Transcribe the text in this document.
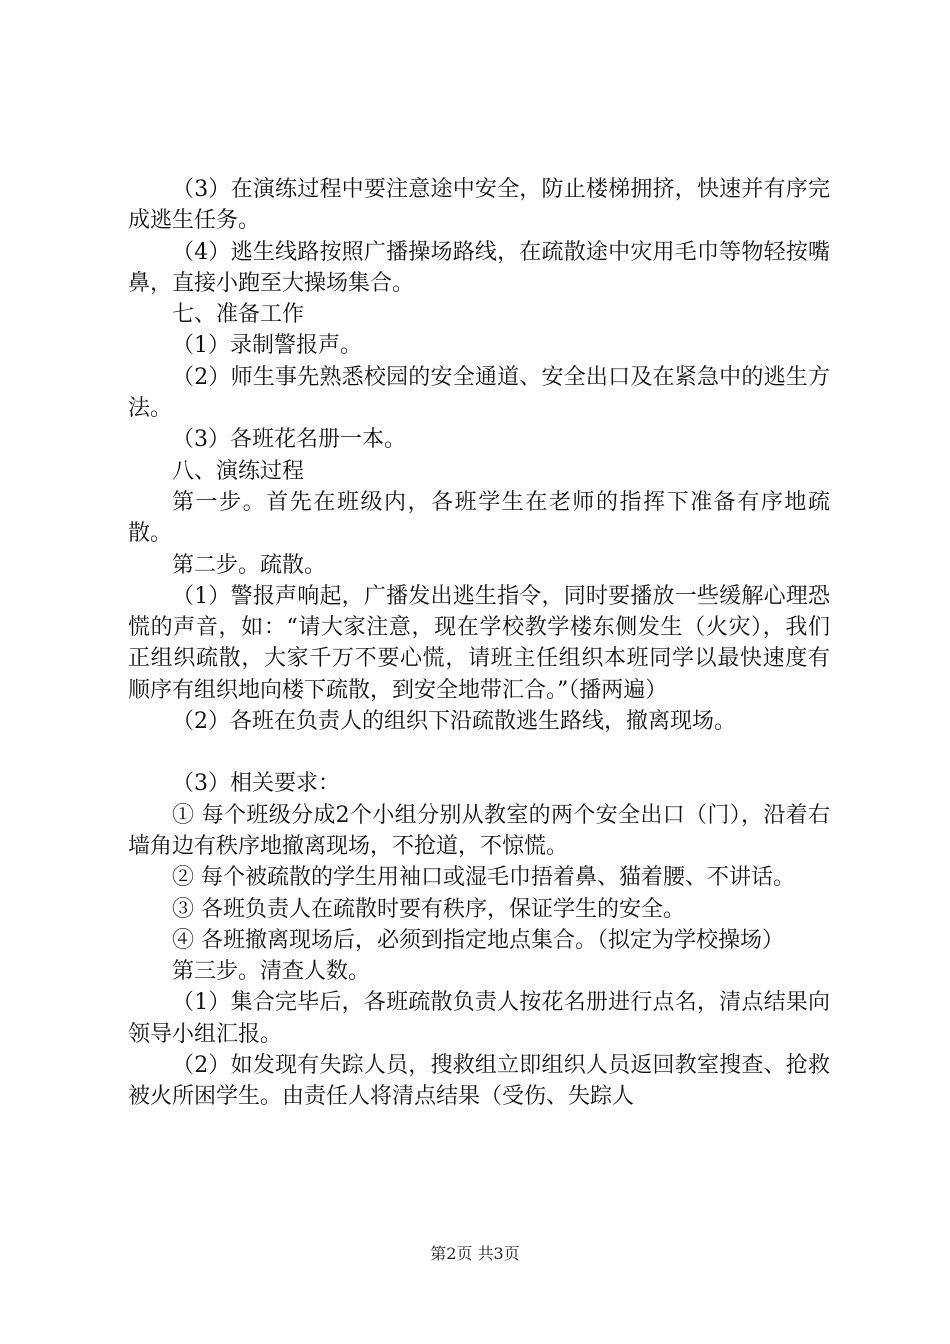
（3）在演练过程中要注意途中安全，防止楼梯拥挤，快速并有序完成逃生任务。

（4）逃生线路按照广播操场路线，在疏散途中灾用毛巾等物轻按嘴鼻，直接小跑至大操场集合。

七、准备工作

（1）录制警报声。

（2）师生事先熟悉校园的安全通道、安全出口及在紧急中的逃生方法。

（3）各班花名册一本。

八、演练过程

第一步。首先在班级内，各班学生在老师的指挥下准备有序地疏散。

第二步。疏散。

（1）警报声响起，广播发出逃生指令，同时要播放一些缓解心理恐慌的声音，如：“请大家注意，现在学校教学楼东侧发生（火灾），我们正组织疏散，大家千万不要心慌，请班主任组织本班同学以最快速度有顺序有组织地向楼下疏散，到安全地带汇合。”（播两遍）

（2）各班在负责人的组织下沿疏散逃生路线，撤离现场。

（3）相关要求：

① 每个班级分成2个小组分别从教室的两个安全出口（门），沿着右墙角边有秩序地撤离现场，不抢道，不惊慌。

② 每个被疏散的学生用袖口或湿毛巾捂着鼻、猫着腰、不讲话。

③ 各班负责人在疏散时要有秩序，保证学生的安全。

④ 各班撤离现场后，必须到指定地点集合。（拟定为学校操场）

第三步。清查人数。

（1）集合完毕后，各班疏散负责人按花名册进行点名，清点结果向领导小组汇报。

（2）如发现有失踪人员，搜救组立即组织人员返回教室搜查、抢救被火所困学生。由责任人将清点结果（受伤、失踪人

第2页 共3页
